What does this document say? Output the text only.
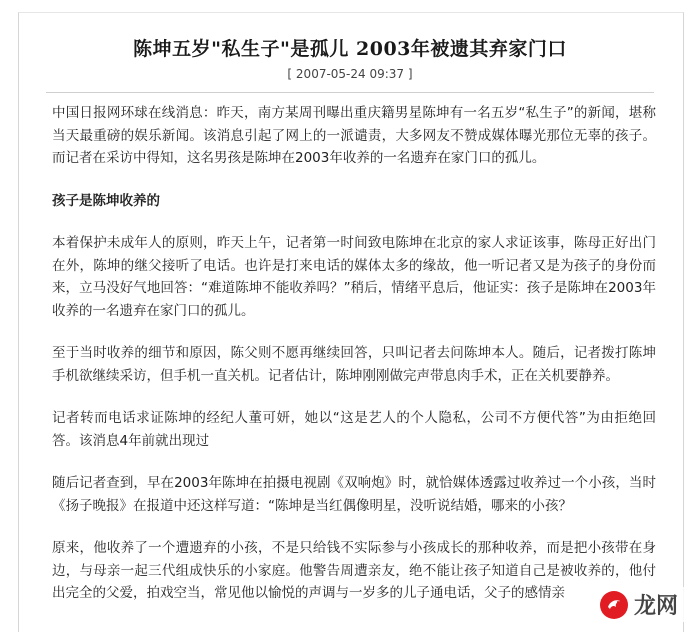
陈坤五岁"私生子"是孤儿 2003年被遗其弃家门口
[ 2007-05-24 09:37 ]

中国日报网环球在线消息：昨天，南方某周刊曝出重庆籍男星陈坤有一名五岁“私生子”的新闻，堪称当天最重磅的娱乐新闻。该消息引起了网上的一派谴责，大多网友不赞成媒体曝光那位无辜的孩子。而记者在采访中得知，这名男孩是陈坤在2003年收养的一名遗弃在家门口的孤儿。

孩子是陈坤收养的

本着保护未成年人的原则，昨天上午，记者第一时间致电陈坤在北京的家人求证该事，陈母正好出门在外，陈坤的继父接听了电话。也许是打来电话的媒体太多的缘故，他一听记者又是为孩子的身份而来，立马没好气地回答：“难道陈坤不能收养吗？”稍后，情绪平息后，他证实：孩子是陈坤在2003年收养的一名遗弃在家门口的孤儿。

至于当时收养的细节和原因，陈父则不愿再继续回答，只叫记者去问陈坤本人。随后，记者拨打陈坤手机欲继续采访，但手机一直关机。记者估计，陈坤刚刚做完声带息肉手术，正在关机要静养。

记者转而电话求证陈坤的经纪人董可妍，她以“这是艺人的个人隐私，公司不方便代答”为由拒绝回答。该消息4年前就出现过

随后记者查到，早在2003年陈坤在拍摄电视剧《双响炮》时，就恰媒体透露过收养过一个小孩，当时《扬子晚报》在报道中还这样写道：“陈坤是当红偶像明星，没听说结婚，哪来的小孩？

原来，他收养了一个遭遗弃的小孩，不是只给钱不实际参与小孩成长的那种收养，而是把小孩带在身边，与母亲一起三代组成快乐的小家庭。他警告周遭亲友，绝不能让孩子知道自己是被收养的，他付出完全的父爱，拍戏空当，常见他以愉悦的声调与一岁多的儿子通电话，父子的感情亲	龙网
